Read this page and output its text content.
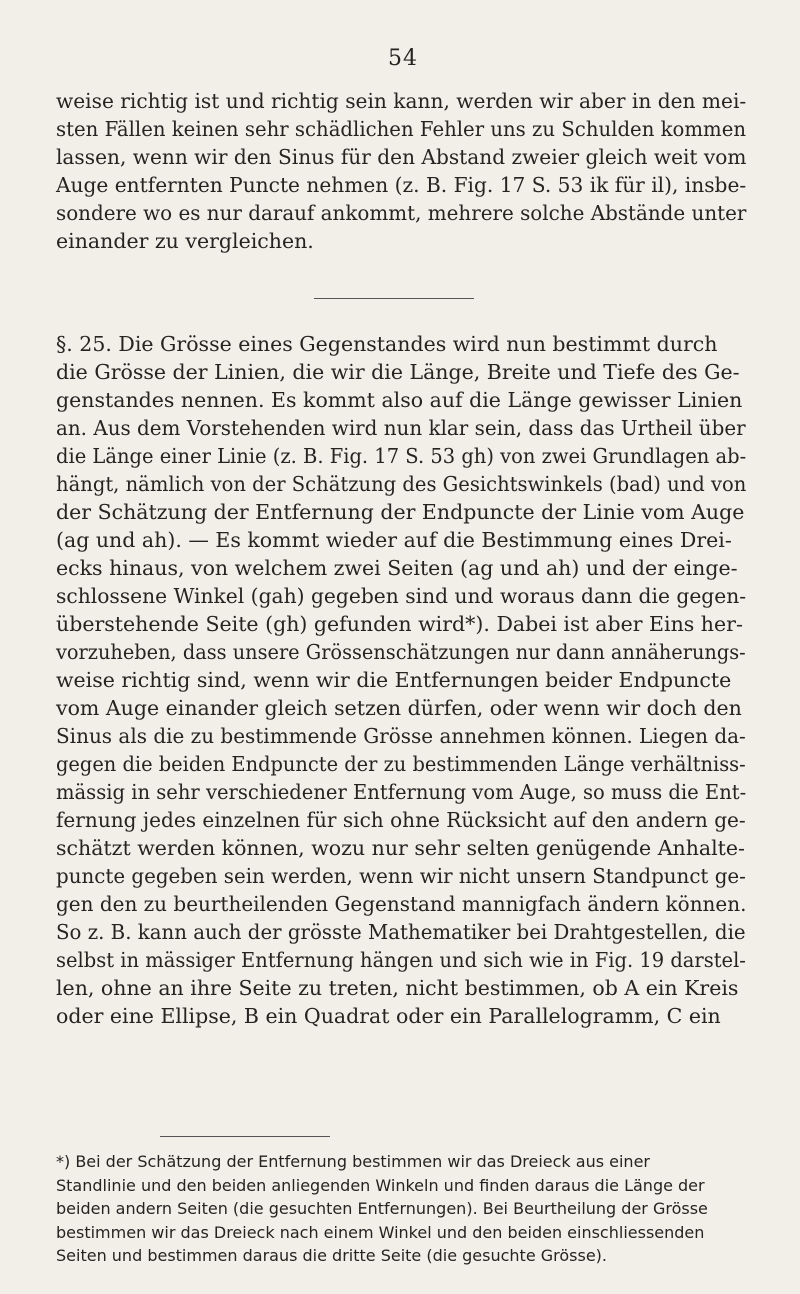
54
weise richtig ist und richtig sein kann, werden wir aber in den mei-
sten Fällen keinen sehr schädlichen Fehler uns zu Schulden kommen
lassen, wenn wir den Sinus für den Abstand zweier gleich weit vom
Auge entfernten Puncte nehmen (z. B. Fig. 17 S. 53 ik für il), insbe-
sondere wo es nur darauf ankommt, mehrere solche Abstände unter
einander zu vergleichen.
§. 25. Die Grösse eines Gegenstandes wird nun bestimmt durch
die Grösse der Linien, die wir die Länge, Breite und Tiefe des Ge-
genstandes nennen. Es kommt also auf die Länge gewisser Linien
an. Aus dem Vorstehenden wird nun klar sein, dass das Urtheil über
die Länge einer Linie (z. B. Fig. 17 S. 53 gh) von zwei Grundlagen ab-
hängt, nämlich von der Schätzung des Gesichtswinkels (bad) und von
der Schätzung der Entfernung der Endpuncte der Linie vom Auge
(ag und ah). — Es kommt wieder auf die Bestimmung eines Drei-
ecks hinaus, von welchem zwei Seiten (ag und ah) und der einge-
schlossene Winkel (gah) gegeben sind und woraus dann die gegen-
überstehende Seite (gh) gefunden wird*). Dabei ist aber Eins her-
vorzuheben, dass unsere Grössenschätzungen nur dann annäherungs-
weise richtig sind, wenn wir die Entfernungen beider Endpuncte
vom Auge einander gleich setzen dürfen, oder wenn wir doch den
Sinus als die zu bestimmende Grösse annehmen können. Liegen da-
gegen die beiden Endpuncte der zu bestimmenden Länge verhältniss-
mässig in sehr verschiedener Entfernung vom Auge, so muss die Ent-
fernung jedes einzelnen für sich ohne Rücksicht auf den andern ge-
schätzt werden können, wozu nur sehr selten genügende Anhalte-
puncte gegeben sein werden, wenn wir nicht unsern Standpunct ge-
gen den zu beurtheilenden Gegenstand mannigfach ändern können.
So z. B. kann auch der grösste Mathematiker bei Drahtgestellen, die
selbst in mässiger Entfernung hängen und sich wie in Fig. 19 darstel-
len, ohne an ihre Seite zu treten, nicht bestimmen, ob A ein Kreis
oder eine Ellipse, B ein Quadrat oder ein Parallelogramm, C ein
*) Bei der Schätzung der Entfernung bestimmen wir das Dreieck aus einer
Standlinie und den beiden anliegenden Winkeln und finden daraus die Länge der
beiden andern Seiten (die gesuchten Entfernungen). Bei Beurtheilung der Grösse
bestimmen wir das Dreieck nach einem Winkel und den beiden einschliessenden
Seiten und bestimmen daraus die dritte Seite (die gesuchte Grösse).
